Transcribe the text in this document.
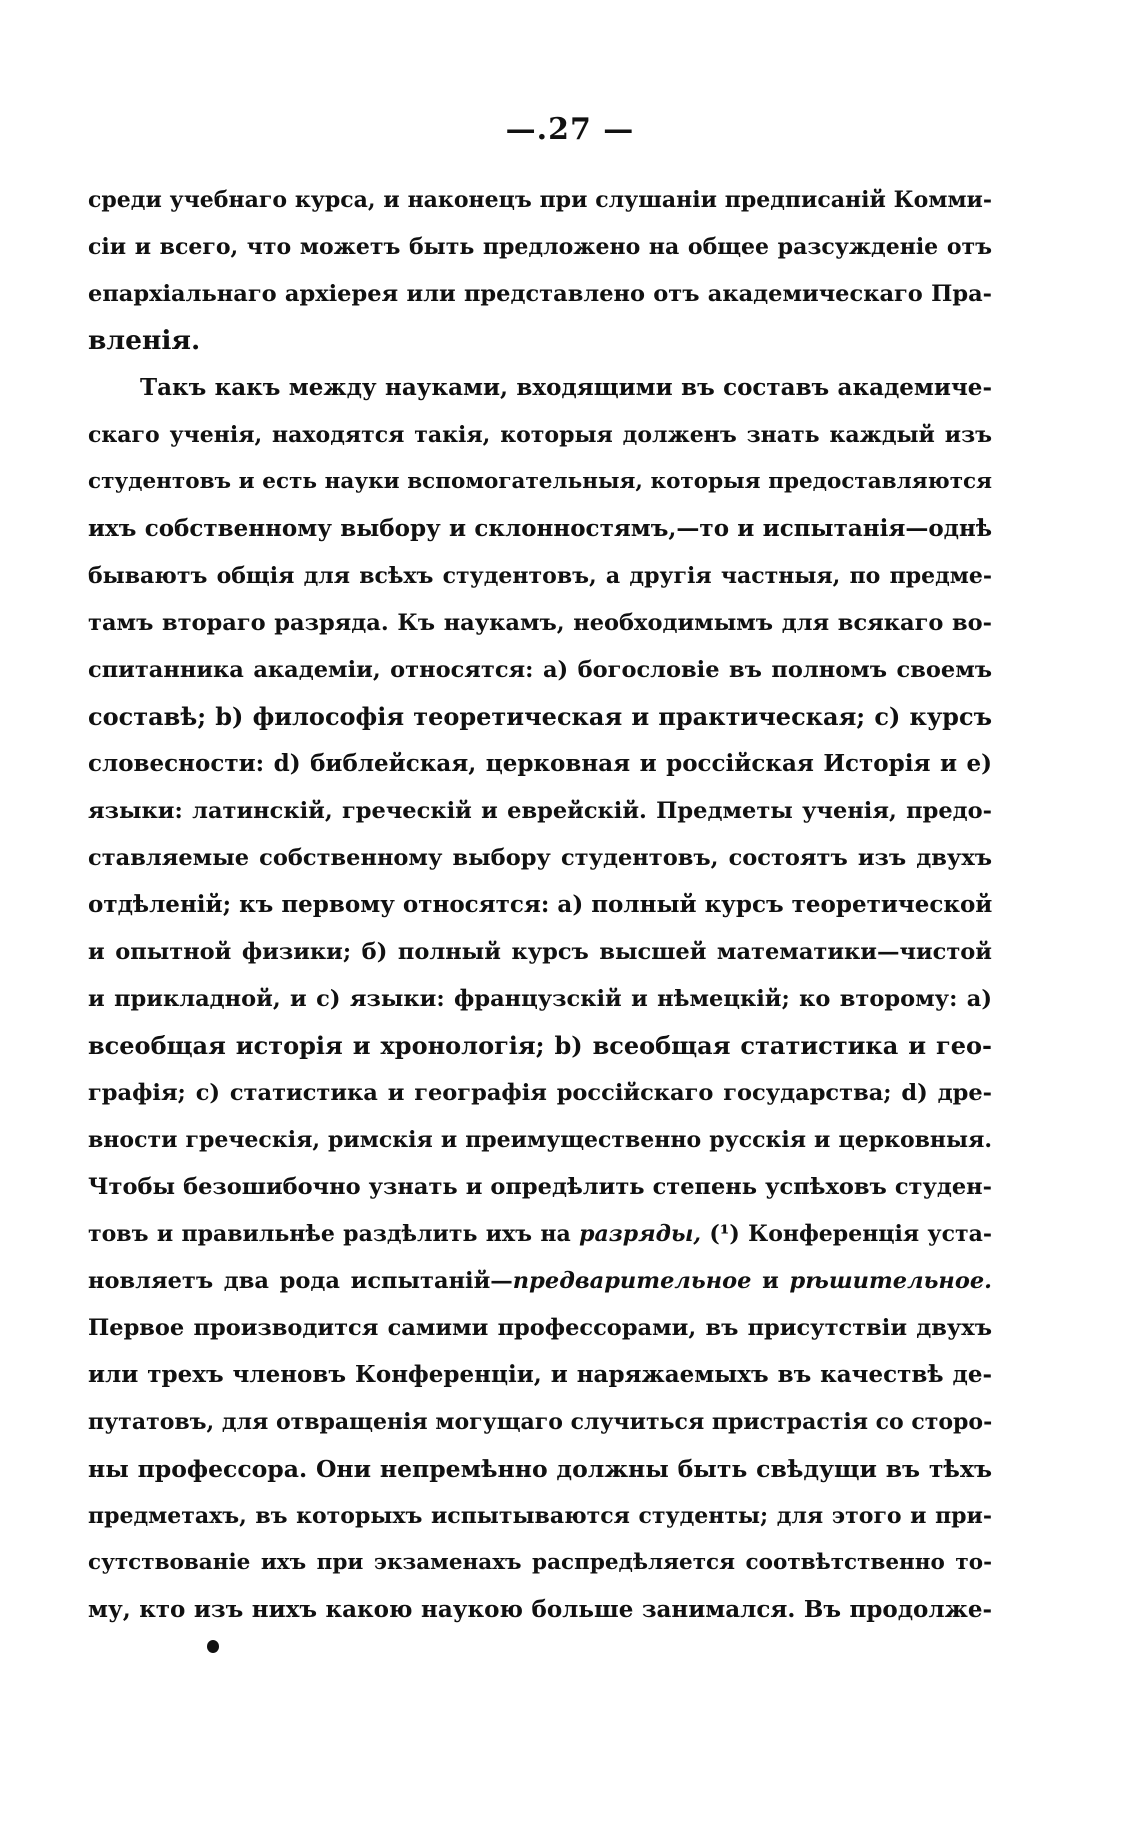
—.27 —
среди учебнаго курса, и наконецъ при слушаніи предписаній Комми-
сіи и всего, что можетъ быть предложено на общее разсужденіе отъ
епархіальнаго архіерея или представлено отъ академическаго Пра-
вленія.
Такъ какъ между науками, входящими въ составъ академиче-
скаго ученія, находятся такія, которыя долженъ знать каждый изъ
студентовъ и есть науки вспомогательныя, которыя предоставляются
ихъ собственному выбору и склонностямъ,—то и испытанія—однѣ
бываютъ общія для всѣхъ студентовъ, а другія частныя, по предме-
тамъ втораго разряда. Къ наукамъ, необходимымъ для всякаго во-
спитанника академіи, относятся: а) богословіе въ полномъ своемъ
составѣ; b) философія теоретическая и практическая; с) курсъ
словесности: d) библейская, церковная и россійская Исторія и е)
языки: латинскій, греческій и еврейскій. Предметы ученія, предо-
ставляемые собственному выбору студентовъ, состоятъ изъ двухъ
отдѣленій; къ первому относятся: а) полный курсъ теоретической
и опытной физики; б) полный курсъ высшей математики—чистой
и прикладной, и с) языки: французскій и нѣмецкій; ко второму: а)
всеобщая исторія и хронологія; b) всеобщая статистика и гео-
графія; с) статистика и географія россійскаго государства; d) дре-
вности греческія, римскія и преимущественно русскія и церковныя.
Чтобы безошибочно узнать и опредѣлить степень успѣховъ студен-
товъ и правильнѣе раздѣлить ихъ на разряды, (¹) Конференція уста-
новляетъ два рода испытаній—предварительное и рѣшительное.
Первое производится самими профессорами, въ присутствіи двухъ
или трехъ членовъ Конференціи, и наряжаемыхъ въ качествѣ де-
путатовъ, для отвращенія могущаго случиться пристрастія со сторо-
ны профессора. Они непремѣнно должны быть свѣдущи въ тѣхъ
предметахъ, въ которыхъ испытываются студенты; для этого и при-
сутствованіе ихъ при экзаменахъ распредѣляется соотвѣтственно то-
му, кто изъ нихъ какою наукою больше занимался. Въ продолже-
